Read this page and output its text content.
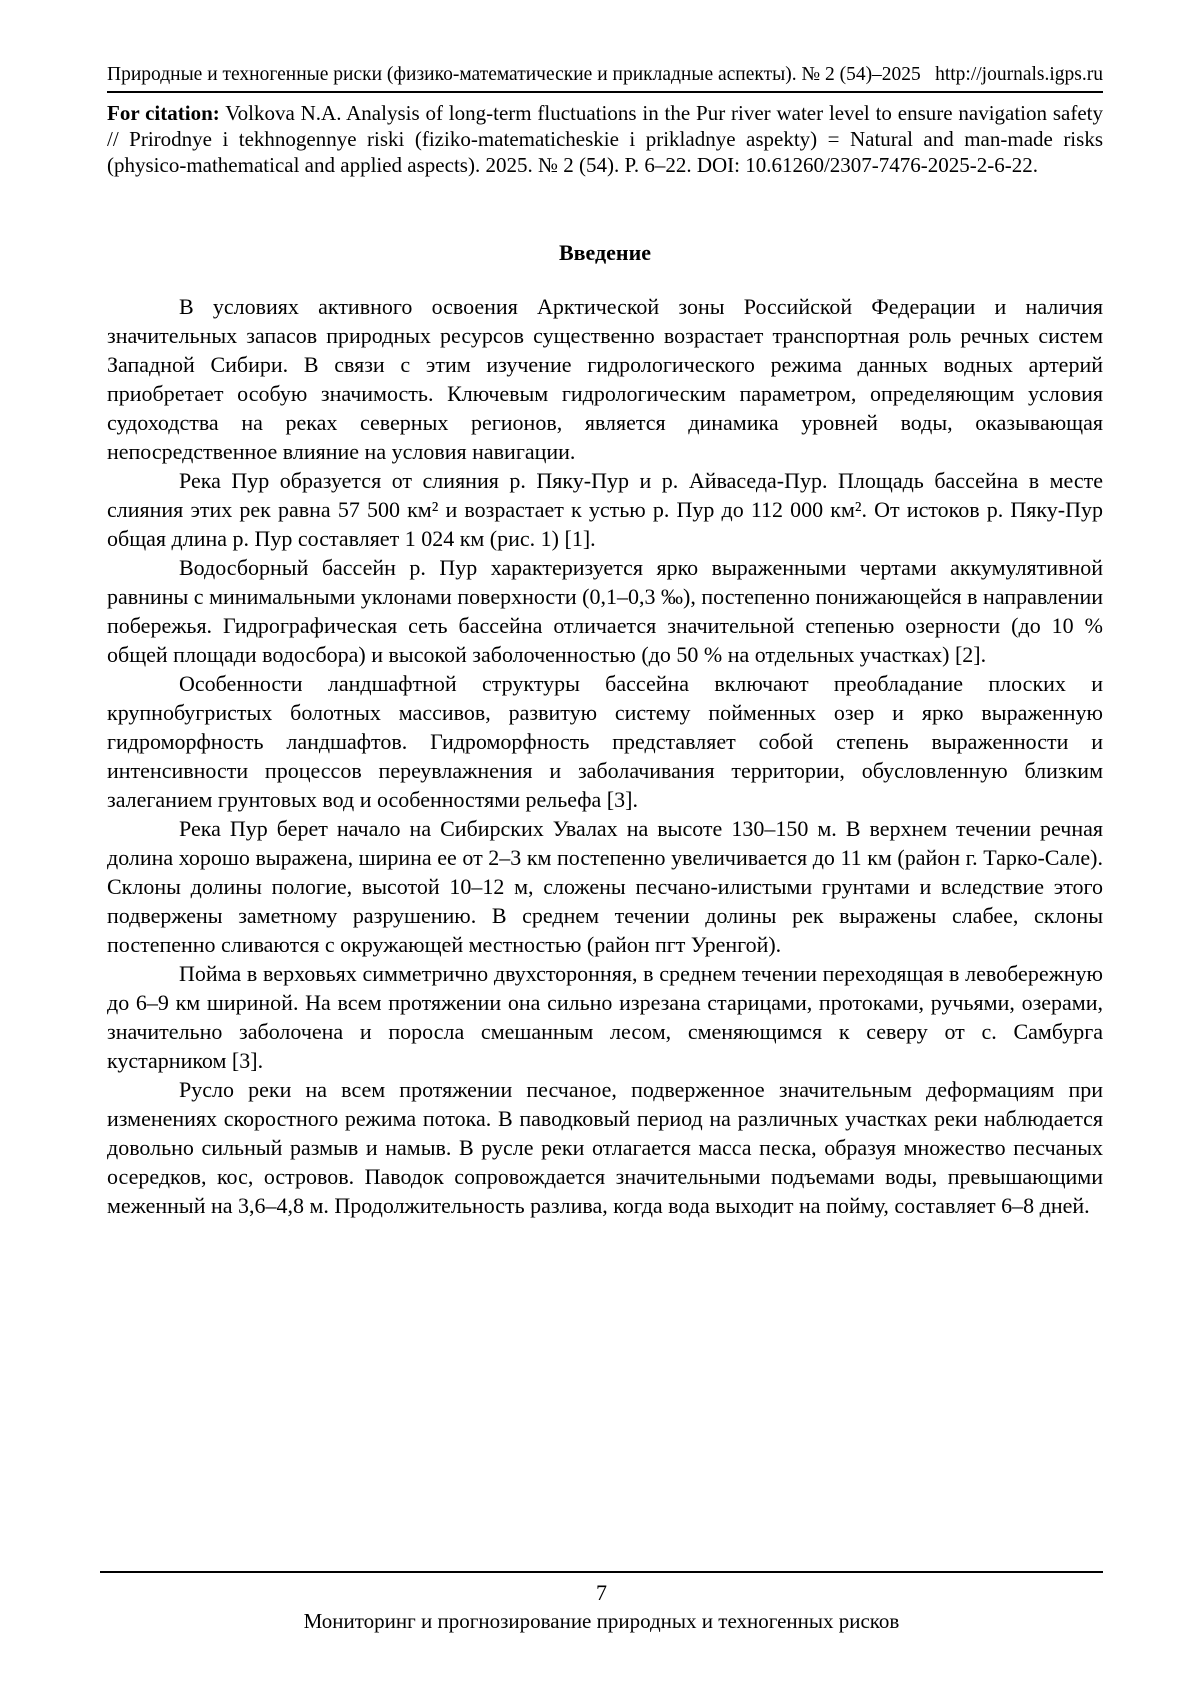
Природные и техногенные риски (физико-математические и прикладные аспекты). № 2 (54)–2025 http://journals.igps.ru

For citation: Volkova N.A. Analysis of long-term fluctuations in the Pur river water level to ensure navigation safety // Prirodnye i tekhnogennye riski (fiziko-matematicheskie i prikladnye aspekty) = Natural and man-made risks (physico-mathematical and applied aspects). 2025. № 2 (54). P. 6–22. DOI: 10.61260/2307-7476-2025-2-6-22.

Введение

В условиях активного освоения Арктической зоны Российской Федерации и наличия значительных запасов природных ресурсов существенно возрастает транспортная роль речных систем Западной Сибири. В связи с этим изучение гидрологического режима данных водных артерий приобретает особую значимость. Ключевым гидрологическим параметром, определяющим условия судоходства на реках северных регионов, является динамика уровней воды, оказывающая непосредственное влияние на условия навигации.

Река Пур образуется от слияния р. Пяку-Пур и р. Айваседа-Пур. Площадь бассейна в месте слияния этих рек равна 57 500 км² и возрастает к устью р. Пур до 112 000 км². От истоков р. Пяку-Пур общая длина р. Пур составляет 1 024 км (рис. 1) [1].

Водосборный бассейн р. Пур характеризуется ярко выраженными чертами аккумулятивной равнины с минимальными уклонами поверхности (0,1–0,3 ‰), постепенно понижающейся в направлении побережья. Гидрографическая сеть бассейна отличается значительной степенью озерности (до 10 % общей площади водосбора) и высокой заболоченностью (до 50 % на отдельных участках) [2].

Особенности ландшафтной структуры бассейна включают преобладание плоских и крупнобугристых болотных массивов, развитую систему пойменных озер и ярко выраженную гидроморфность ландшафтов. Гидроморфность представляет собой степень выраженности и интенсивности процессов переувлажнения и заболачивания территории, обусловленную близким залеганием грунтовых вод и особенностями рельефа [3].

Река Пур берет начало на Сибирских Увалах на высоте 130–150 м. В верхнем течении речная долина хорошо выражена, ширина ее от 2–3 км постепенно увеличивается до 11 км (район г. Тарко-Сале). Склоны долины пологие, высотой 10–12 м, сложены песчано-илистыми грунтами и вследствие этого подвержены заметному разрушению. В среднем течении долины рек выражены слабее, склоны постепенно сливаются с окружающей местностью (район пгт Уренгой).

Пойма в верховьях симметрично двухсторонняя, в среднем течении переходящая в левобережную до 6–9 км шириной. На всем протяжении она сильно изрезана старицами, протоками, ручьями, озерами, значительно заболочена и поросла смешанным лесом, сменяющимся к северу от с. Самбурга кустарником [3].

Русло реки на всем протяжении песчаное, подверженное значительным деформациям при изменениях скоростного режима потока. В паводковый период на различных участках реки наблюдается довольно сильный размыв и намыв. В русле реки отлагается масса песка, образуя множество песчаных осередков, кос, островов. Паводок сопровождается значительными подъемами воды, превышающими меженный на 3,6–4,8 м. Продолжительность разлива, когда вода выходит на пойму, составляет 6–8 дней.

7
Мониторинг и прогнозирование природных и техногенных рисков
